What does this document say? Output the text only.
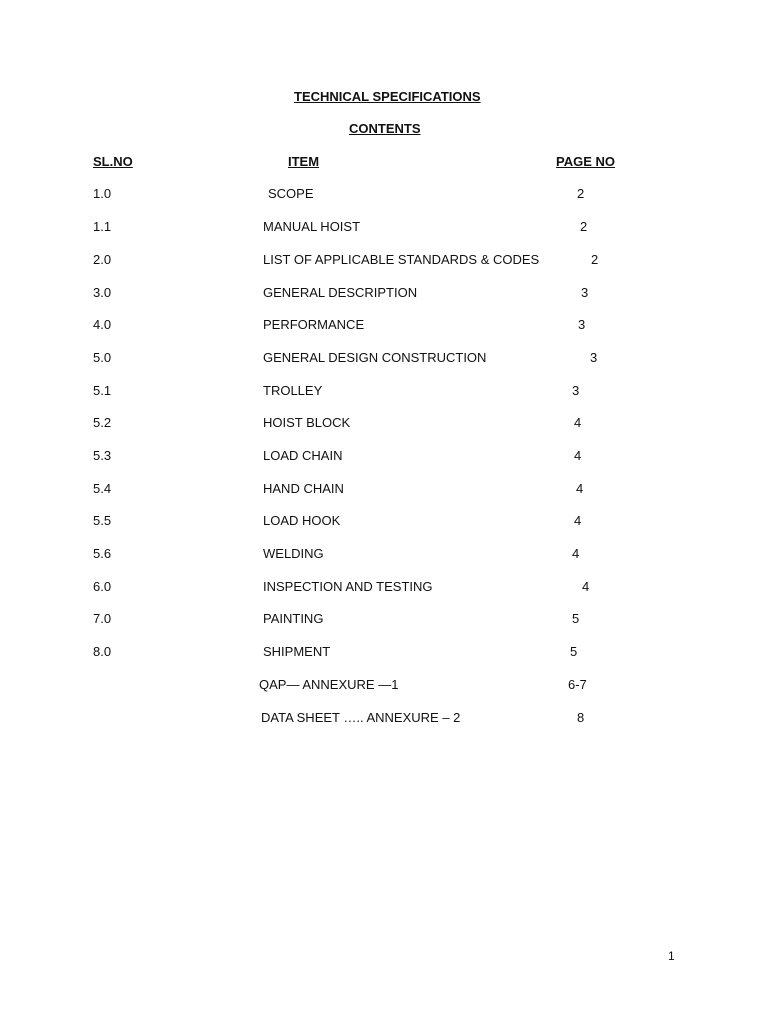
TECHNICAL SPECIFICATIONS
CONTENTS
SL.NO	ITEM	PAGE NO
1.0	SCOPE	2
1.1	MANUAL HOIST	2
2.0	LIST OF APPLICABLE STANDARDS & CODES	2
3.0	GENERAL DESCRIPTION	3
4.0	PERFORMANCE	3
5.0	GENERAL DESIGN CONSTRUCTION	3
5.1	TROLLEY	3
5.2	HOIST BLOCK	4
5.3	LOAD CHAIN	4
5.4	HAND CHAIN	4
5.5	LOAD HOOK	4
5.6	WELDING	4
6.0	INSPECTION AND TESTING	4
7.0	PAINTING	5
8.0	SHIPMENT	5
QAP— ANNEXURE —1	6-7
DATA SHEET ….. ANNEXURE – 2	8
1
